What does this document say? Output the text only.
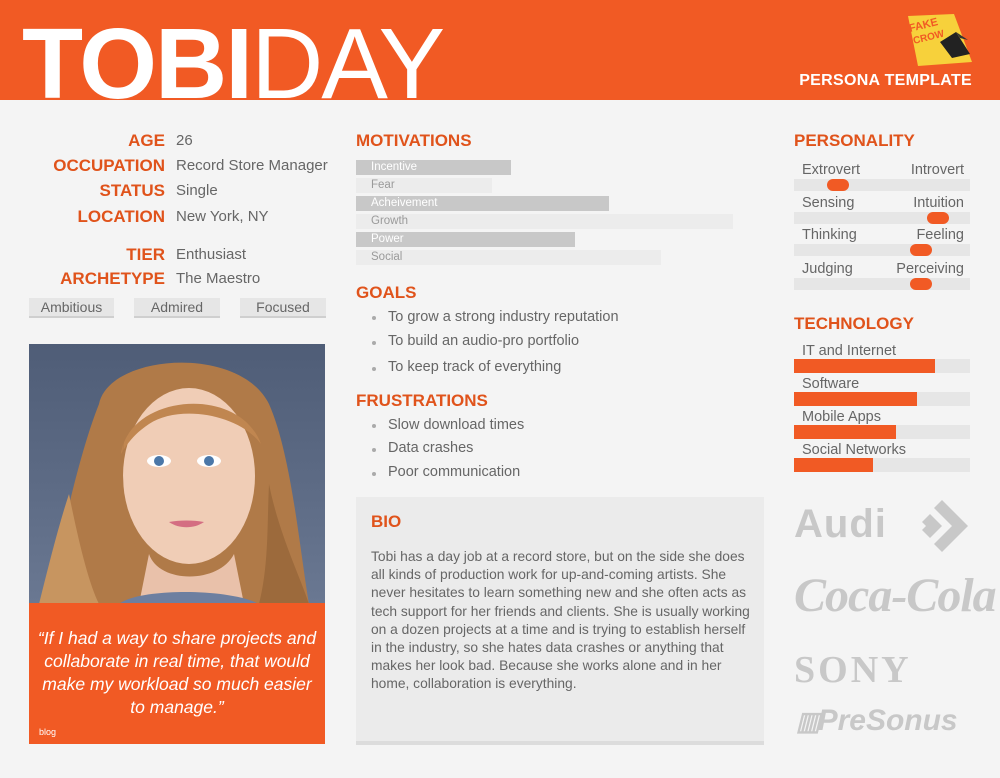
TOBIDAY	FAKE
CROW
PERSONA TEMPLATE
AGE 26
OCCUPATION Record Store Manager
STATUS Single
LOCATION New York, NY
TIER Enthusiast
ARCHETYPE The Maestro
Ambitious	Admired	Focused
“If I had a way to share projects and collaborate in real time, that would make my workload so much easier to manage.”
blog
MOTIVATIONS
Incentive
Fear
Acheivement
Growth
Power
Social
GOALS
To grow a strong industry reputation
To build an audio-pro portfolio
To keep track of everything
FRUSTRATIONS
Slow download times
Data crashes
Poor communication
BIO
Tobi has a day job at a record store, but on the side she does all kinds of production work for up-and-coming artists. She never hesitates to learn something new and she often acts as tech support for her friends and clients. She is usually working on a dozen projects at a time and is trying to establish herself in the industry, so she hates data crashes or anything that makes her look bad. Because she works alone and in her home, collaboration is everything.
PERSONALITY
Extrovert	Introvert
Sensing	Intuition
Thinking	Feeling
Judging	Perceiving
TECHNOLOGY
IT and Internet
Software
Mobile Apps
Social Networks
Audi
Coca-Cola
SONY
▥PreSonus
